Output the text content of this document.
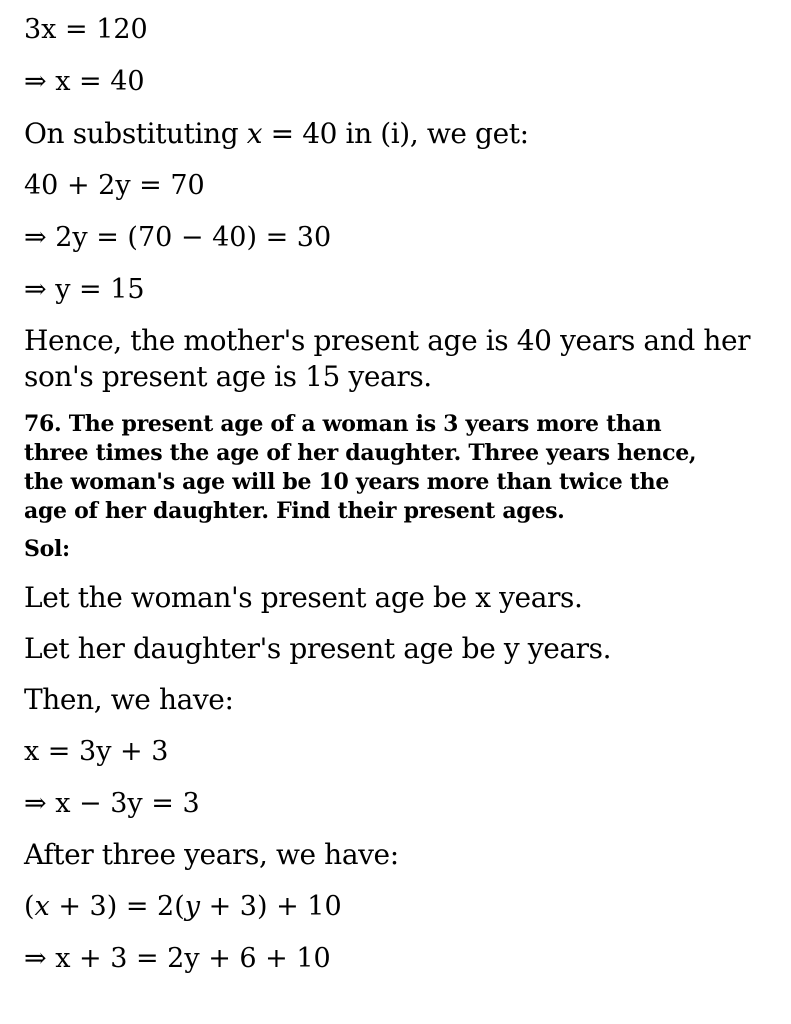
3x = 120
⇒ x = 40
On substituting 𝑥 = 40 in (i), we get:
40 + 2y = 70
⇒ 2y = (70 − 40) = 30
⇒ y = 15
Hence, the mother's present age is 40 years and her
son's present age is 15 years.
76. The present age of a woman is 3 years more than
three times the age of her daughter. Three years hence,
the woman's age will be 10 years more than twice the
age of her daughter. Find their present ages.
Sol:
Let the woman's present age be x years.
Let her daughter's present age be y years.
Then, we have:
x = 3y + 3
⇒ x − 3y = 3
After three years, we have:
(𝑥 + 3) = 2(𝑦 + 3) + 10
⇒ x + 3 = 2y + 6 + 10
